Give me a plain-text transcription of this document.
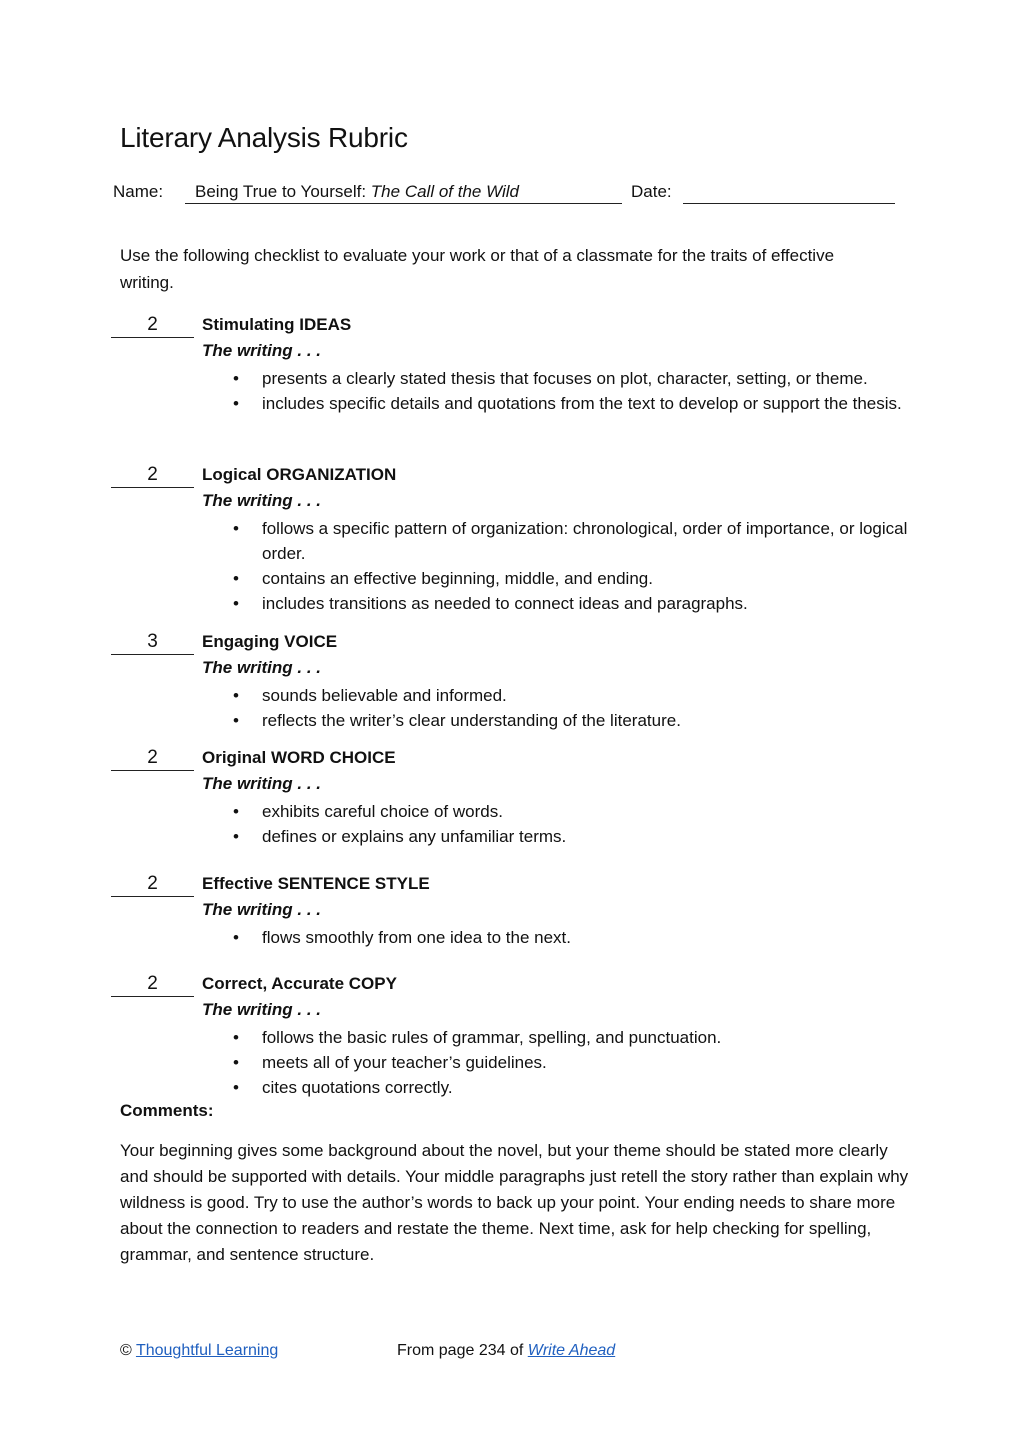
Literary Analysis Rubric
Name:	Being True to Yourself: The Call of the Wild	Date:

Use the following checklist to evaluate your work or that of a classmate for the traits of effective writing.

2	Stimulating IDEAS
The writing . . .
• presents a clearly stated thesis that focuses on plot, character, setting, or theme.
• includes specific details and quotations from the text to develop or support the thesis.
2	Logical ORGANIZATION
The writing . . .
• follows a specific pattern of organization: chronological, order of importance, or logical order.
• contains an effective beginning, middle, and ending.
• includes transitions as needed to connect ideas and paragraphs.
3	Engaging VOICE
The writing . . .
• sounds believable and informed.
• reflects the writer’s clear understanding of the literature.
2	Original WORD CHOICE
The writing . . .
• exhibits careful choice of words.
• defines or explains any unfamiliar terms.
2	Effective SENTENCE STYLE
The writing . . .
• flows smoothly from one idea to the next.
2	Correct, Accurate COPY
The writing . . .
• follows the basic rules of grammar, spelling, and punctuation.
• meets all of your teacher’s guidelines.
• cites quotations correctly.
Comments:

Your beginning gives some background about the novel, but your theme should be stated more clearly and should be supported with details. Your middle paragraphs just retell the story rather than explain why wildness is good. Try to use the author’s words to back up your point. Your ending needs to share more about the connection to readers and restate the theme. Next time, ask for help checking for spelling, grammar, and sentence structure.

© Thoughtful Learning	From page 234 of Write Ahead
